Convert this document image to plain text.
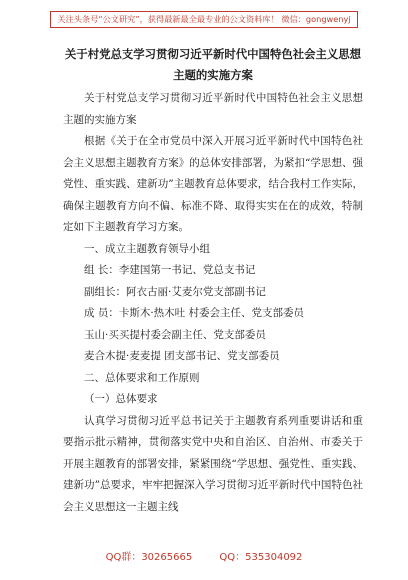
关注头条号“公文研究”，获得最新最全最专业的公文资料库！ 微信：gongwenyj
关于村党总支学习贯彻习近平新时代中国特色社会主义思想主题的实施方案

关于村党总支学习贯彻习近平新时代中国特色社会主义思想主题的实施方案

根据《关于在全市党员中深入开展习近平新时代中国特色社会主义思想主题教育方案》的总体安排部署，为紧扣“学思想、强党性、重实践、建新功”主题教育总体要求，结合我村工作实际，确保主题教育方向不偏、标准不降、取得实实在在的成效，特制定如下主题教育学习方案。

一、成立主题教育领导小组

组 长：李建国第一书记、党总支书记

副组长：阿衣古丽·艾麦尔党支部副书记

成 员：卡斯木·热木吐 村委会主任、党支部委员

玉山·买买提村委会副主任、党支部委员

麦合木提·麦麦提 团支部书记、党支部委员

二、总体要求和工作原则

（一）总体要求

认真学习贯彻习近平总书记关于主题教育系列重要讲话和重要指示批示精神，贯彻落实党中央和自治区、自治州、市委关于开展主题教育的部署安排，紧紧围绕“学思想、强党性、重实践、建新功”总要求，牢牢把握深入学习贯彻习近平新时代中国特色社会主义思想这一主题主线

QQ群：30265665	QQ：535304092
